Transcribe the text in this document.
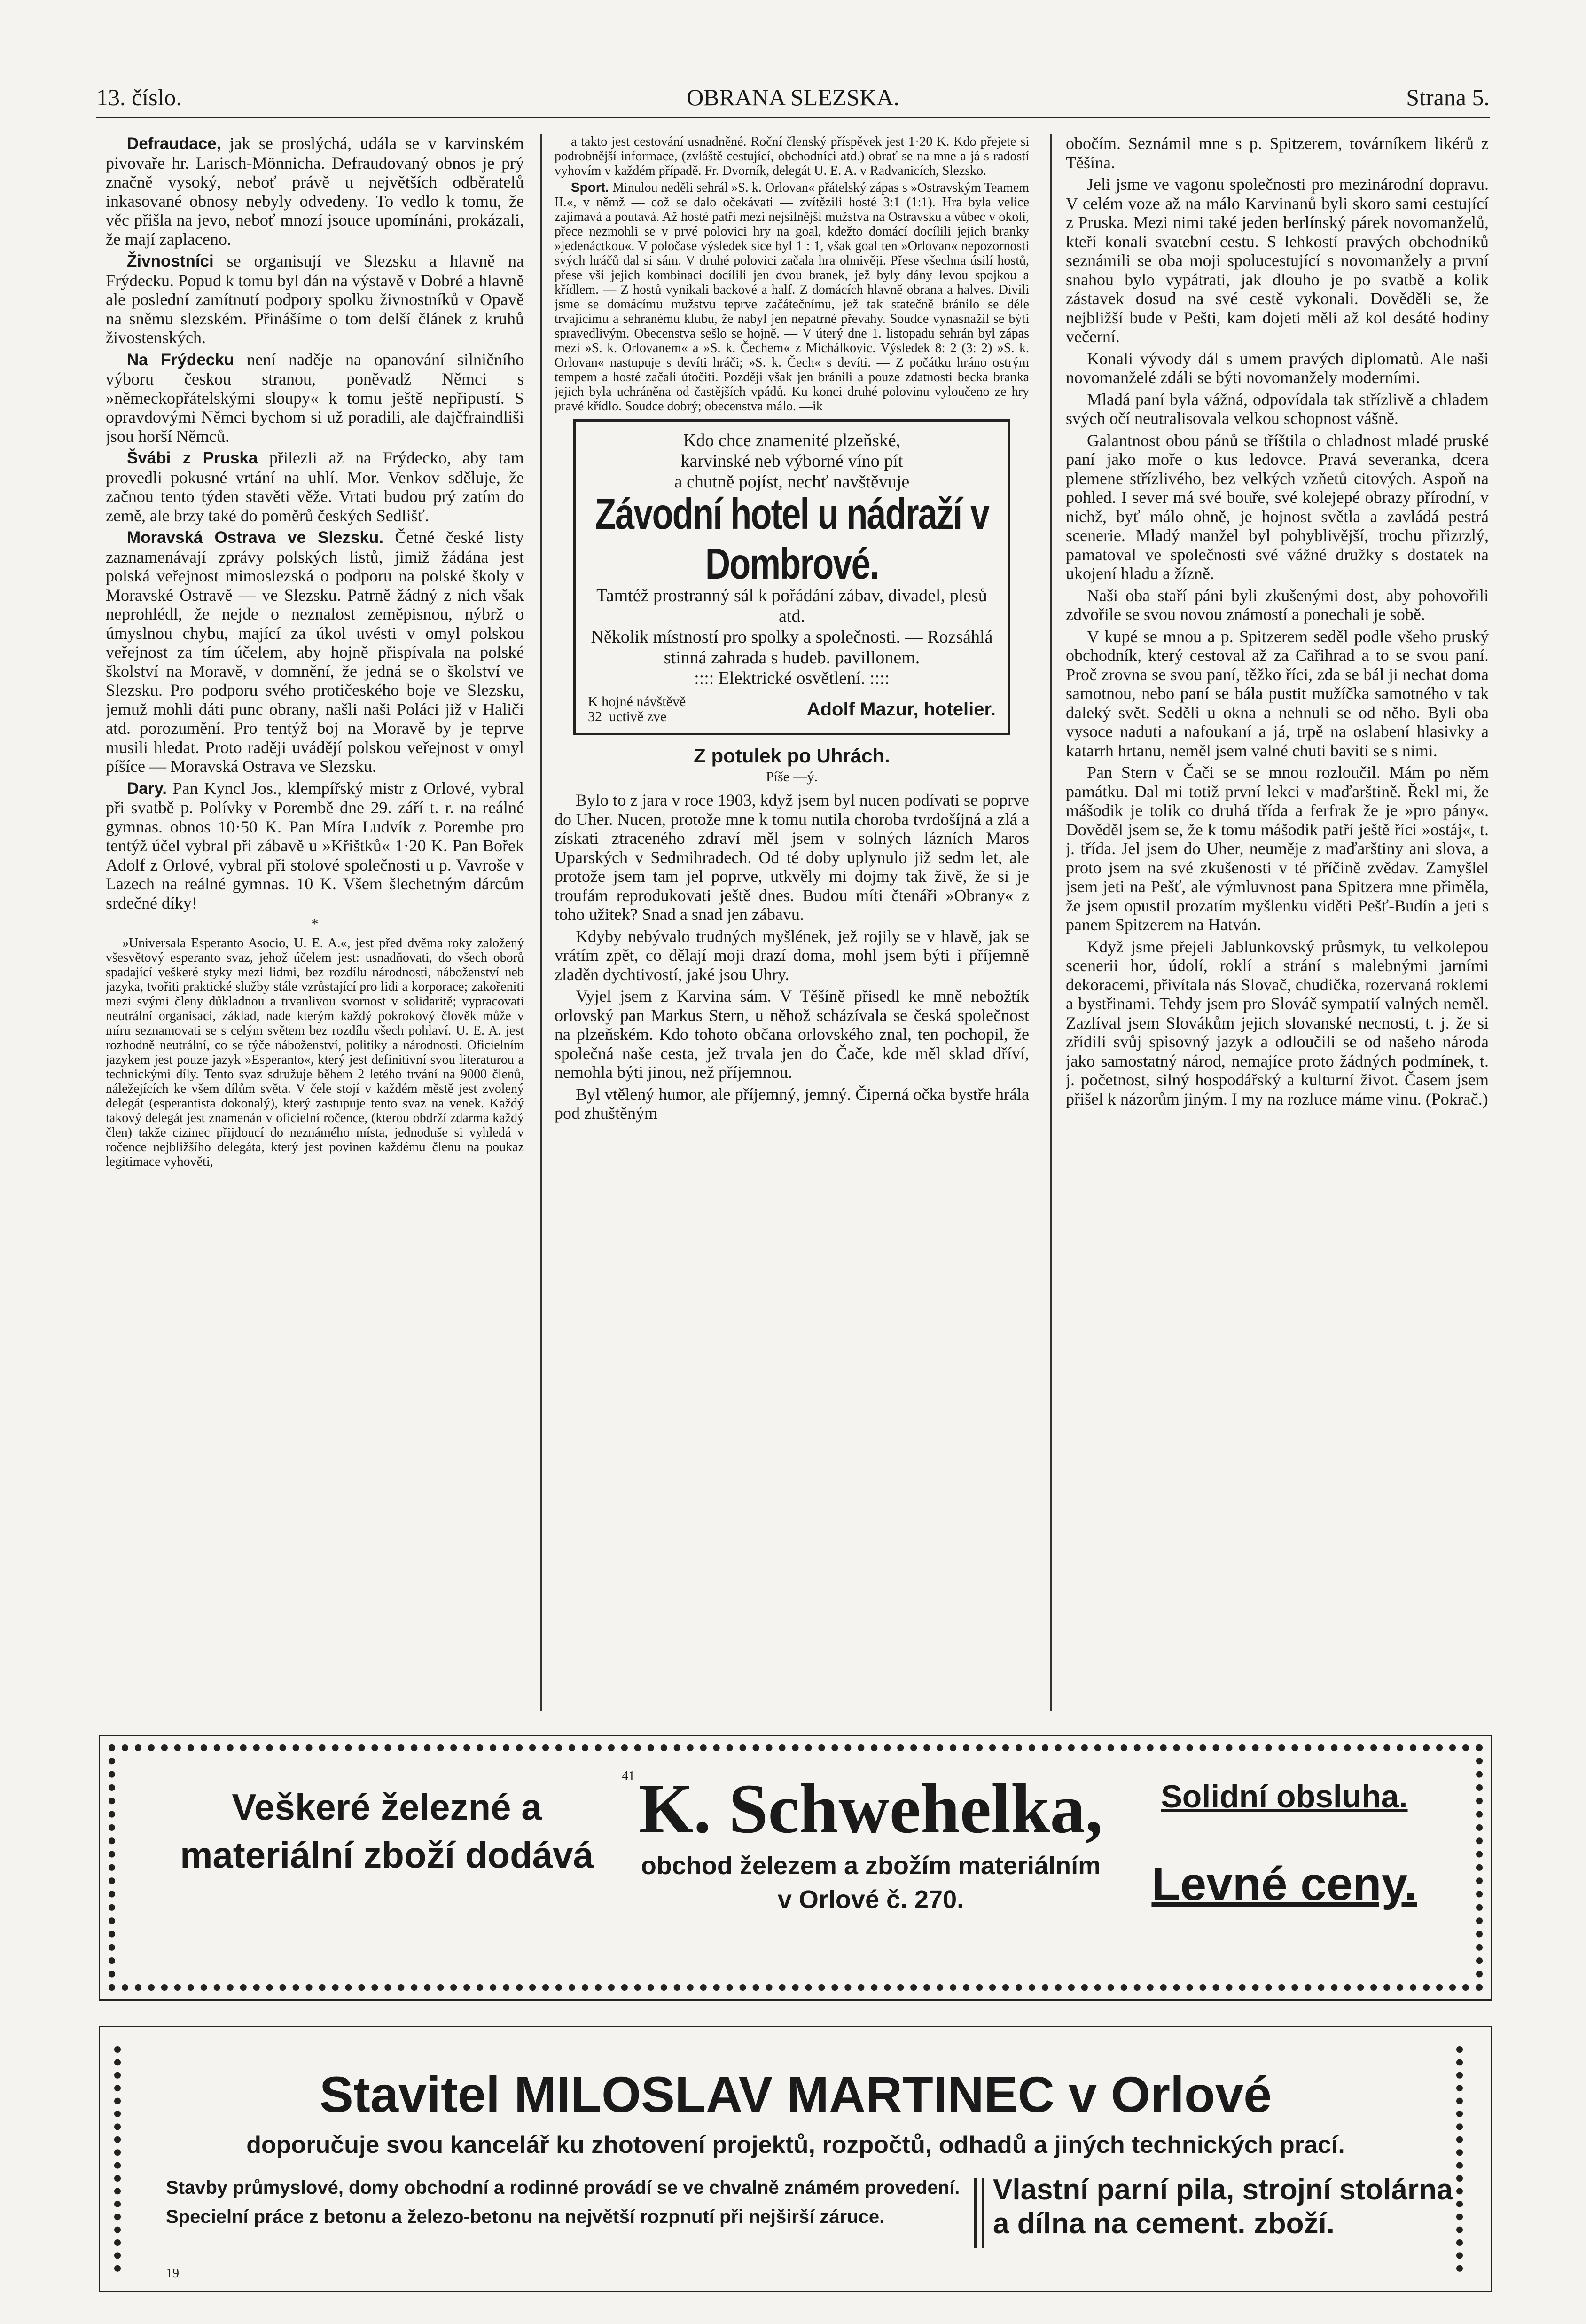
OBRANA SLEZSKA.
13. číslo.	Strana 5.

Defraudace, jak se proslýchá, udála se v karvinském pivovaře hr. Larisch-Mönnicha. Defraudovaný obnos je prý značně vysoký, neboť právě u největších odběratelů inkasované obnosy nebyly odvedeny. To vedlo k tomu, že věc přišla na jevo, neboť mnozí jsouce upomínáni, prokázali, že mají zaplaceno.

Živnostníci se organisují ve Slezsku a hlavně na Frýdecku. Popud k tomu byl dán na výstavě v Dobré a hlavně ale poslední zamítnutí podpory spolku živnostníků v Opavě na sněmu slezském. Přinášíme o tom delší článek z kruhů živostenských.

Na Frýdecku není naděje na opanování silničního výboru českou stranou, poněvadž Němci s »německopřátelskými sloupy« k tomu ještě nepřipustí. S opravdovými Němci bychom si už poradili, ale dajčfraindliši jsou horší Němců.

Švábi z Pruska přilezli až na Frýdecko, aby tam provedli pokusné vrtání na uhlí. Mor. Venkov sděluje, že začnou tento týden stavěti věže. Vrtati budou prý zatím do země, ale brzy také do poměrů českých Sedlišť.

Moravská Ostrava ve Slezsku. Četné české listy zaznamenávají zprávy polských listů, jimiž žádána jest polská veřejnost mimoslezská o podporu na polské školy v Moravské Ostravě — ve Slezsku. Patrně žádný z nich však neprohlédl, že nejde o neznalost zeměpisnou, nýbrž o úmyslnou chybu, mající za úkol uvésti v omyl polskou veřejnost za tím účelem, aby hojně přispívala na polské školství na Moravě, v domnění, že jedná se o školství ve Slezsku. Pro podporu svého protičeského boje ve Slezsku, jemuž mohli dáti punc obrany, našli naši Poláci již v Haliči atd. porozumění. Pro tentýž boj na Moravě by je teprve musili hledat. Proto raději uvádějí polskou veřejnost v omyl píšíce — Moravská Ostrava ve Slezsku.

Dary. Pan Kyncl Jos., klempířský mistr z Orlové, vybral při svatbě p. Polívky v Porembě dne 29. září t. r. na reálné gymnas. obnos 10·50 K. Pan Míra Ludvík z Porembe pro tentýž účel vybral při zábavě u »Křištků« 1·20 K. Pan Bořek Adolf z Orlové, vybral při stolové společnosti u p. Vavroše v Lazech na reálné gymnas. 10 K. Všem šlechetným dárcům srdečné díky!

*

»Universala Esperanto Asocio, U. E. A.«, jest před dvěma roky založený všesvětový esperanto svaz, jehož účelem jest: usnadňovati, do všech oborů spadající veškeré styky mezi lidmi, bez rozdílu národnosti, náboženství neb jazyka, tvořiti praktické služby stále vzrůstající pro lidi a korporace; zakořeniti mezi svými členy důkladnou a trvanlivou svornost v solidaritě; vypracovati neutrální organisaci, základ, nade kterým každý pokrokový člověk může v míru seznamovati se s celým světem bez rozdílu všech pohlaví. U. E. A. jest rozhodně neutrální, co se týče náboženství, politiky a národnosti. Oficielním jazykem jest pouze jazyk »Esperanto«, který jest definitivní svou literaturou a technickými díly. Tento svaz sdružuje během 2 letého trvání na 9000 členů, náležejících ke všem dílům světa. V čele stojí v každém městě jest zvolený delegát (esperantista dokonalý), který zastupuje tento svaz na venek. Každý takový delegát jest znamenán v oficielní ročence, (kterou obdrží zdarma každý člen) takže cizinec přijdoucí do neznámého místa, jednoduše si vyhledá v ročence nejbližšího delegáta, který jest povinen každému členu na poukaz legitimace vyhověti,

a takto jest cestování usnadněné. Roční členský příspěvek jest 1·20 K. Kdo přejete si podrobnější informace, (zvláště cestující, obchodníci atd.) obrať se na mne a já s radostí vyhovím v každém případě. Fr. Dvorník, delegát U. E. A. v Radvanicích, Slezsko.

Sport. Minulou neděli sehrál »S. k. Orlovan« přátelský zápas s »Ostravským Teamem II.«, v němž — což se dalo očekávati — zvítězili hosté 3:1 (1:1). Hra byla velice zajímavá a poutavá. Až hosté patří mezi nejsilnější mužstva na Ostravsku a vůbec v okolí, přece nezmohli se v prvé polovici hry na goal, kdežto domácí docílili jejich branky »jedenáctkou«. V poločase výsledek sice byl 1 : 1, však goal ten »Orlovan« nepozornosti svých hráčů dal si sám. V druhé polovici začala hra ohnivěji. Přese všechna úsilí hostů, přese vši jejich kombinaci docílili jen dvou branek, jež byly dány levou spojkou a křídlem. — Z hostů vynikali backové a half. Z domácích hlavně obrana a halves. Divili jsme se domácímu mužstvu teprve začátečnímu, jež tak statečně bránilo se déle trvajícímu a sehranému klubu, že nabyl jen nepatrné převahy. Soudce vynasnažil se býti spravedlivým. Obecenstva sešlo se hojně. — V úterý dne 1. listopadu sehrán byl zápas mezi »S. k. Orlovanem« a »S. k. Čechem« z Michálkovic. Výsledek 8: 2 (3: 2) »S. k. Orlovan« nastupuje s devíti hráči; »S. k. Čech« s devíti. — Z počátku hráno ostrým tempem a hosté začali útočiti. Později však jen bránili a pouze zdatnosti becka branka jejich byla uchráněna od častějších vpádů. Ku konci druhé polovinu vyloučeno ze hry pravé křídlo. Soudce dobrý; obecenstva málo. —ik

Kdo chce znamenité plzeňské,
karvinské neb výborné víno pít
a chutně pojíst, nechť navštěvuje
Závodní hotel u nádraží v Dombrové.
Tamtéž prostranný sál k pořádání zábav, divadel, plesů atd.
Několik místností pro spolky a společnosti. — Rozsáhlá stinná zahrada s hudeb. pavillonem.
:::: Elektrické osvětlení. ::::
K hojné návštěvě
32 uctivě zve	Adolf Mazur, hotelier.
Z potulek po Uhrách.
Píše —ý.

Bylo to z jara v roce 1903, když jsem byl nucen podívati se poprve do Uher. Nucen, protože mne k tomu nutila choroba tvrdošíjná a zlá a získati ztraceného zdraví měl jsem v solných lázních Maros Uparských v Sedmihradech. Od té doby uplynulo již sedm let, ale protože jsem tam jel poprve, utkvěly mi dojmy tak živě, že si je troufám reprodukovati ještě dnes. Budou míti čtenáři »Obrany« z toho užitek? Snad a snad jen zábavu.

Kdyby nebývalo trudných myšlének, jež rojily se v hlavě, jak se vrátím zpět, co dělají moji drazí doma, mohl jsem býti i příjemně zladěn dychtivostí, jaké jsou Uhry.

Vyjel jsem z Karvina sám. V Těšíně přisedl ke mně nebožtík orlovský pan Markus Stern, u něhož scházívala se česká společnost na plzeňském. Kdo tohoto občana orlovského znal, ten pochopil, že společná naše cesta, jež trvala jen do Čače, kde měl sklad dříví, nemohla býti jinou, než příjemnou.

Byl vtělený humor, ale příjemný, jemný. Čiperná očka bystře hrála pod zhuštěným

obočím. Seznámil mne s p. Spitzerem, továrníkem likérů z Těšína.

Jeli jsme ve vagonu společnosti pro mezinárodní dopravu. V celém voze až na málo Karvinanů byli skoro sami cestující z Pruska. Mezi nimi také jeden berlínský párek novomanželů, kteří konali svatební cestu. S lehkostí pravých obchodníků seznámili se oba moji spolucestující s novomanžely a první snahou bylo vypátrati, jak dlouho je po svatbě a kolik zástavek dosud na své cestě vykonali. Dověděli se, že nejbližší bude v Pešti, kam dojeti měli až kol desáté hodiny večerní.

Konali vývody dál s umem pravých diplomatů. Ale naši novomanželé zdáli se býti novomanžely moderními.

Mladá paní byla vážná, odpovídala tak střízlivě a chladem svých očí neutralisovala velkou schopnost vášně.

Galantnost obou pánů se tříštila o chladnost mladé pruské paní jako moře o kus ledovce. Pravá severanka, dcera plemene střízlivého, bez velkých vzňetů citových. Aspoň na pohled. I sever má své bouře, své kolejepé obrazy přírodní, v nichž, byť málo ohně, je hojnost světla a zavládá pestrá scenerie. Mladý manžel byl pohyblivější, trochu přizrzlý, pamatoval ve společnosti své vážné družky s dostatek na ukojení hladu a žízně.

Naši oba staří páni byli zkušenými dost, aby pohovořili zdvořile se svou novou známostí a ponechali je sobě.

V kupé se mnou a p. Spitzerem seděl podle všeho pruský obchodník, který cestoval až za Cařihrad a to se svou paní. Proč zrovna se svou paní, těžko říci, zda se bál ji nechat doma samotnou, nebo paní se bála pustit mužíčka samotného v tak daleký svět. Seděli u okna a nehnuli se od něho. Byli oba vysoce naduti a nafoukaní a já, trpě na oslabení hlasivky a katarrh hrtanu, neměl jsem valné chuti baviti se s nimi.

Pan Stern v Čači se se mnou rozloučil. Mám po něm památku. Dal mi totiž první lekci v maďarštině. Řekl mi, že mášodik je tolik co druhá třída a ferfrak že je »pro pány«. Dověděl jsem se, že k tomu mášodik patří ještě říci »ostáj«, t. j. třída. Jel jsem do Uher, neuměje z maďarštiny ani slova, a proto jsem na své zkušenosti v té příčině zvědav. Zamyšlel jsem jeti na Pešť, ale výmluvnost pana Spitzera mne přiměla, že jsem opustil prozatím myšlenku viděti Pešť-Budín a jeti s panem Spitzerem na Hatván.

Když jsme přejeli Jablunkovský průsmyk, tu velkolepou scenerii hor, údolí, roklí a strání s malebnými jarními dekoracemi, přivítala nás Slovač, chudička, rozervaná roklemi a bystřinami. Tehdy jsem pro Slováč sympatií valných neměl. Zazlíval jsem Slovákům jejich slovanské necnosti, t. j. že si zřídili svůj spisovný jazyk a odloučili se od našeho národa jako samostatný národ, nemajíce proto žádných podmínek, t. j. početnost, silný hospodářský a kulturní život. Časem jsem přišel k názorům jiným. I my na rozluce máme vinu. (Pokrač.)

Veškeré železné a materiální zboží dodává
41 K. Schwehelka,
obchod železem a zbožím materiálním
v Orlové č. 270.
Solidní obsluha.
Levné ceny.
Stavitel MILOSLAV MARTINEC v Orlové
doporučuje svou kancelář ku zhotovení projektů, rozpočtů, odhadů a jiných technických prací.
Stavby průmyslové, domy obchodní a rodinné provádí se ve chvalně známém provedení.
Specielní práce z betonu a železo-betonu na největší rozpnutí při nejširší záruce.
Vlastní parní pila, strojní stolárna a dílna na cement. zboží.
19
